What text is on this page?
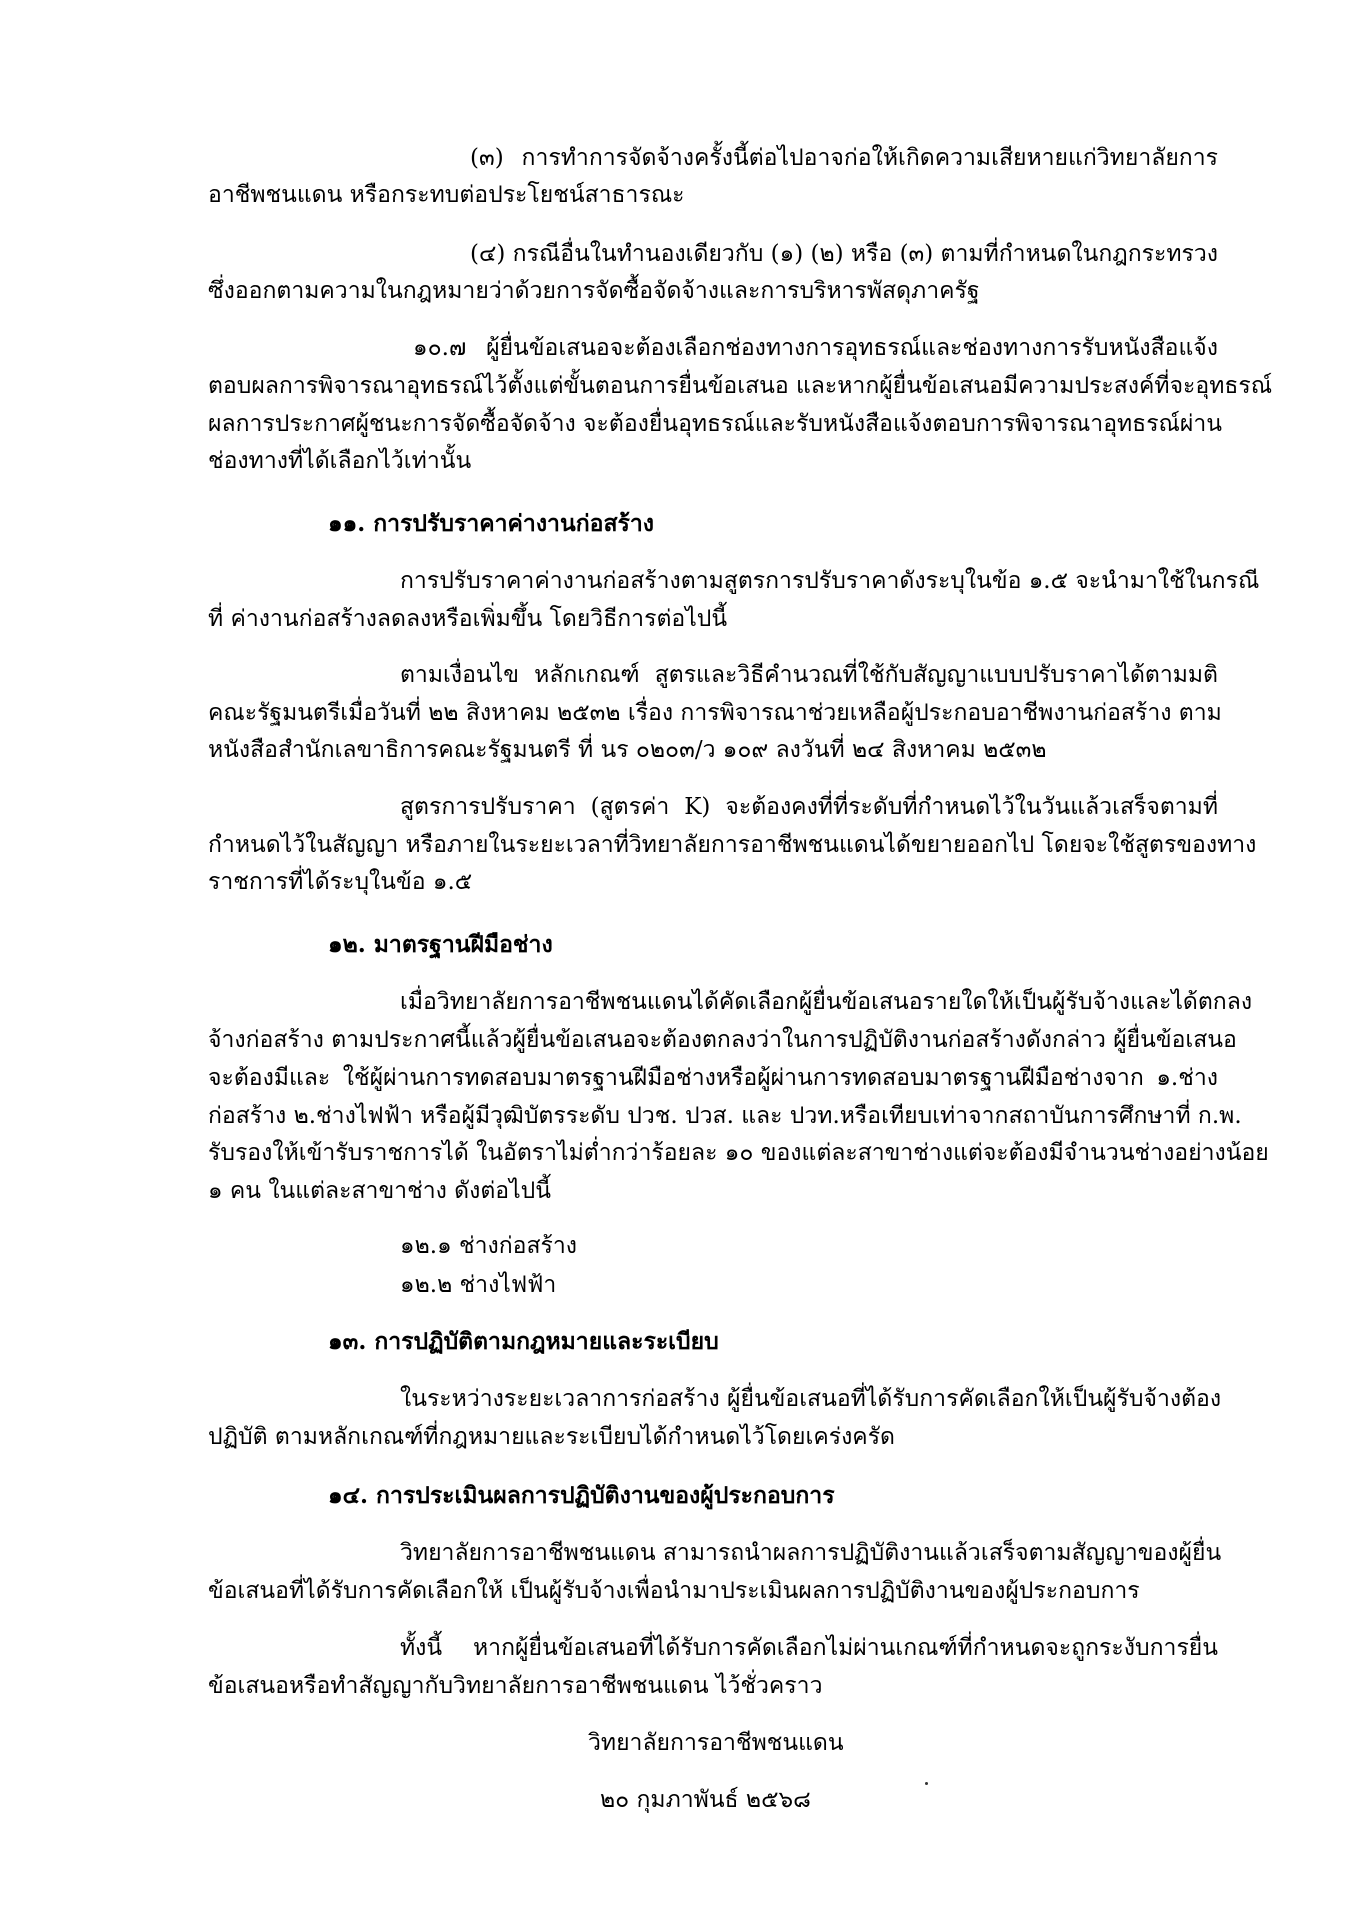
(๓) การทำการจัดจ้างครั้งนี้ต่อไปอาจก่อให้เกิดความเสียหายแก่วิทยาลัยการ
อาชีพชนแดน หรือกระทบต่อประโยชน์สาธารณะ
(๔) กรณีอื่นในทำนองเดียวกับ (๑) (๒) หรือ (๓) ตามที่กำหนดในกฎกระทรวง
ซึ่งออกตามความในกฎหมายว่าด้วยการจัดซื้อจัดจ้างและการบริหารพัสดุภาครัฐ
๑๐.๗ ผู้ยื่นข้อเสนอจะต้องเลือกช่องทางการอุทธรณ์และช่องทางการรับหนังสือแจ้ง
ตอบผลการพิจารณาอุทธรณ์ไว้ตั้งแต่ขั้นตอนการยื่นข้อเสนอ และหากผู้ยื่นข้อเสนอมีความประสงค์ที่จะอุทธรณ์
ผลการประกาศผู้ชนะการจัดซื้อจัดจ้าง จะต้องยื่นอุทธรณ์และรับหนังสือแจ้งตอบการพิจารณาอุทธรณ์ผ่าน
ช่องทางที่ได้เลือกไว้เท่านั้น
๑๑. การปรับราคาค่างานก่อสร้าง
การปรับราคาค่างานก่อสร้างตามสูตรการปรับราคาดังระบุในข้อ ๑.๕ จะนำมาใช้ในกรณี
ที่ ค่างานก่อสร้างลดลงหรือเพิ่มขึ้น โดยวิธีการต่อไปนี้
ตามเงื่อนไข หลักเกณฑ์ สูตรและวิธีคำนวณที่ใช้กับสัญญาแบบปรับราคาได้ตามมติ
คณะรัฐมนตรีเมื่อวันที่ ๒๒ สิงหาคม ๒๕๓๒ เรื่อง การพิจารณาช่วยเหลือผู้ประกอบอาชีพงานก่อสร้าง ตาม
หนังสือสำนักเลขาธิการคณะรัฐมนตรี ที่ นร ๐๒๐๓/ว ๑๐๙ ลงวันที่ ๒๔ สิงหาคม ๒๕๓๒
สูตรการปรับราคา (สูตรค่า K) จะต้องคงที่ที่ระดับที่กำหนดไว้ในวันแล้วเสร็จตามที่
กำหนดไว้ในสัญญา หรือภายในระยะเวลาที่วิทยาลัยการอาชีพชนแดนได้ขยายออกไป โดยจะใช้สูตรของทาง
ราชการที่ได้ระบุในข้อ ๑.๕
๑๒. มาตรฐานฝีมือช่าง
เมื่อวิทยาลัยการอาชีพชนแดนได้คัดเลือกผู้ยื่นข้อเสนอรายใดให้เป็นผู้รับจ้างและได้ตกลง
จ้างก่อสร้าง ตามประกาศนี้แล้วผู้ยื่นข้อเสนอจะต้องตกลงว่าในการปฏิบัติงานก่อสร้างดังกล่าว ผู้ยื่นข้อเสนอ
จะต้องมีและ ใช้ผู้ผ่านการทดสอบมาตรฐานฝีมือช่างหรือผู้ผ่านการทดสอบมาตรฐานฝีมือช่างจาก ๑.ช่าง
ก่อสร้าง ๒.ช่างไฟฟ้า หรือผู้มีวุฒิบัตรระดับ ปวช. ปวส. และ ปวท.หรือเทียบเท่าจากสถาบันการศึกษาที่ ก.พ.
รับรองให้เข้ารับราชการได้ ในอัตราไม่ต่ำกว่าร้อยละ ๑๐ ของแต่ละสาขาช่างแต่จะต้องมีจำนวนช่างอย่างน้อย
๑ คน ในแต่ละสาขาช่าง ดังต่อไปนี้
๑๒.๑ ช่างก่อสร้าง
๑๒.๒ ช่างไฟฟ้า
๑๓. การปฏิบัติตามกฎหมายและระเบียบ
ในระหว่างระยะเวลาการก่อสร้าง ผู้ยื่นข้อเสนอที่ได้รับการคัดเลือกให้เป็นผู้รับจ้างต้อง
ปฏิบัติ ตามหลักเกณฑ์ที่กฎหมายและระเบียบได้กำหนดไว้โดยเคร่งครัด
๑๔. การประเมินผลการปฏิบัติงานของผู้ประกอบการ
วิทยาลัยการอาชีพชนแดน สามารถนำผลการปฏิบัติงานแล้วเสร็จตามสัญญาของผู้ยื่น
ข้อเสนอที่ได้รับการคัดเลือกให้ เป็นผู้รับจ้างเพื่อนำมาประเมินผลการปฏิบัติงานของผู้ประกอบการ
ทั้งนี้ หากผู้ยื่นข้อเสนอที่ได้รับการคัดเลือกไม่ผ่านเกณฑ์ที่กำหนดจะถูกระงับการยื่น
ข้อเสนอหรือทำสัญญากับวิทยาลัยการอาชีพชนแดน ไว้ชั่วคราว
วิทยาลัยการอาชีพชนแดน
๒๐ กุมภาพันธ์ ๒๕๖๘
